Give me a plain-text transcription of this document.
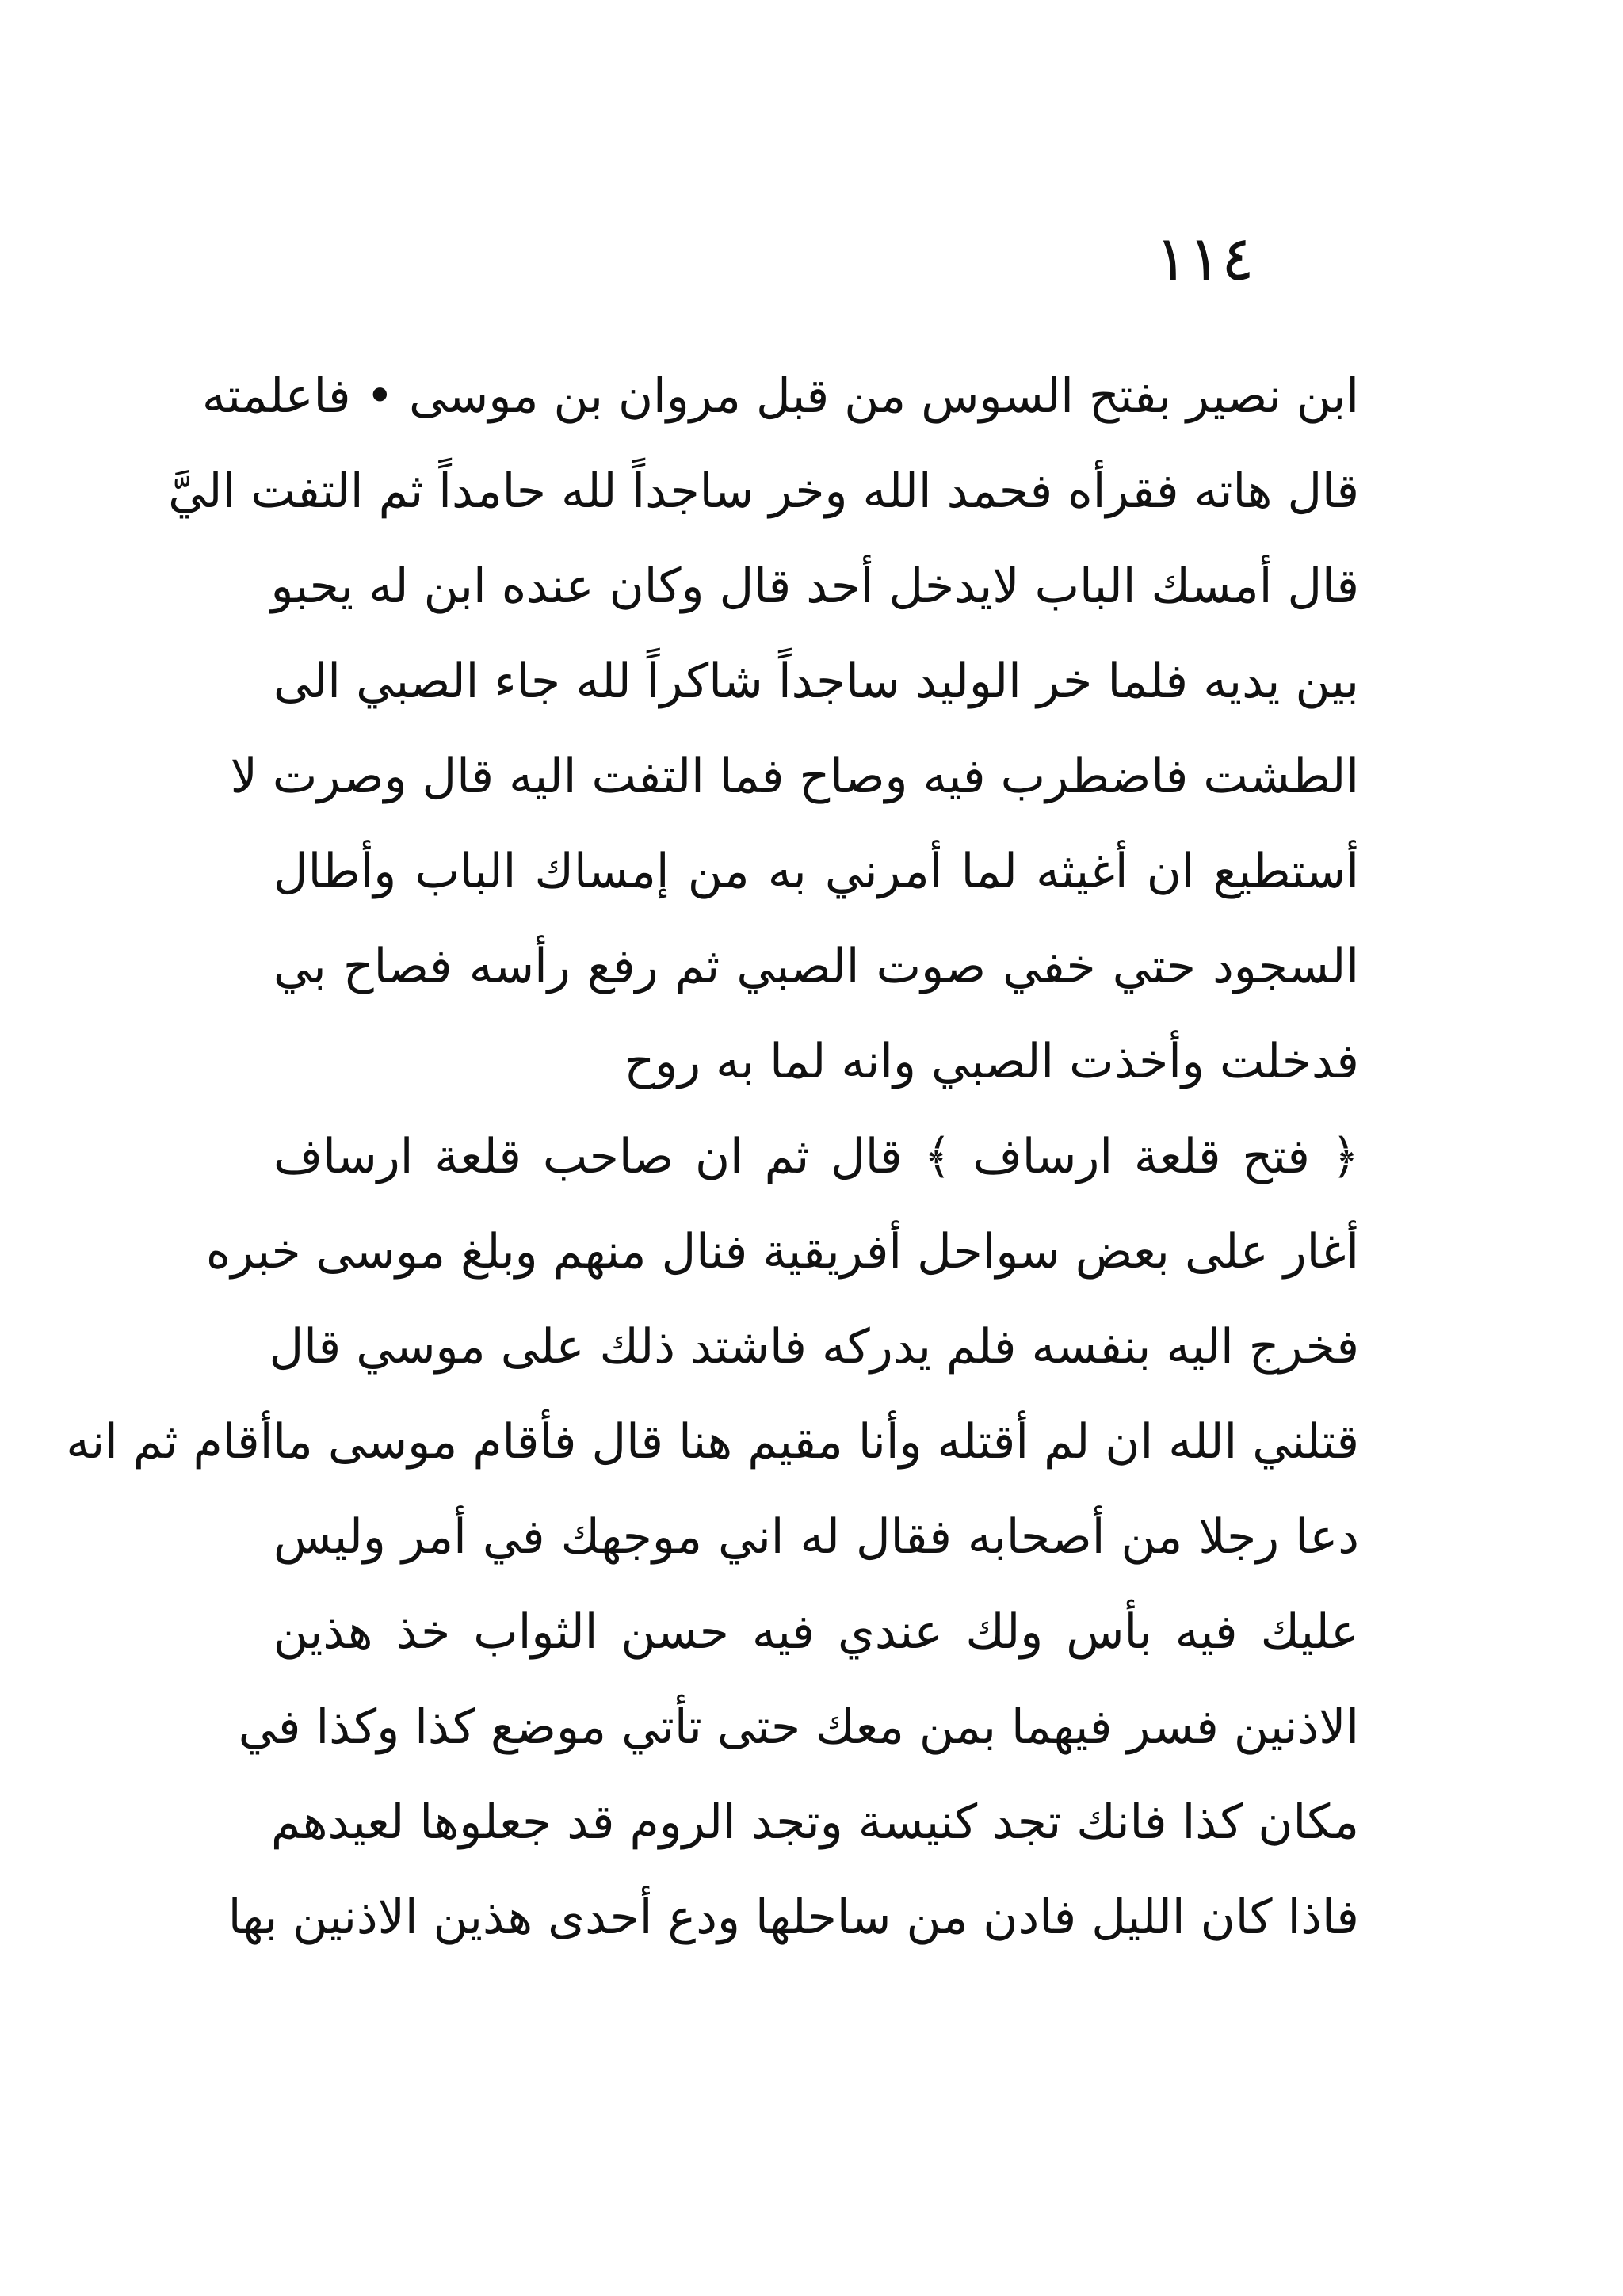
١١٤
ابن نصير بفتح السوس من قبل مروان بن موسى • فاعلمته
قال هاته فقرأه فحمد الله وخر ساجداً لله حامداً ثم التفت اليَّ
قال أمسك الباب لايدخل أحد قال وكان عنده ابن له يحبو
بين يديه فلما خر الوليد ساجداً شاكراً لله جاء الصبي الى
الطشت فاضطرب فيه وصاح فما التفت اليه قال وصرت لا
أستطيع ان أغيثه لما أمرني به من إمساك الباب وأطال
السجود حتي خفي صوت الصبي ثم رفع رأسه فصاح بي
فدخلت وأخذت الصبي وانه لما به روح
﴿ فتح قلعة ارساف ﴾ قال ثم ان صاحب قلعة ارساف
أغار على بعض سواحل أفريقية فنال منهم وبلغ موسى خبره
فخرج اليه بنفسه فلم يدركه فاشتد ذلك على موسي قال
قتلني الله ان لم أقتله وأنا مقيم هنا قال فأقام موسى ماأقام ثم انه
دعا رجلا من أصحابه فقال له اني موجهك في أمر وليس
عليك فيه بأس ولك عندي فيه حسن الثواب خذ هذين
الاذنين فسر فيهما بمن معك حتى تأتي موضع كذا وكذا في
مكان كذا فانك تجد كنيسة وتجد الروم قد جعلوها لعيدهم
فاذا كان الليل فادن من ساحلها ودع أحدى هذين الاذنين بها
